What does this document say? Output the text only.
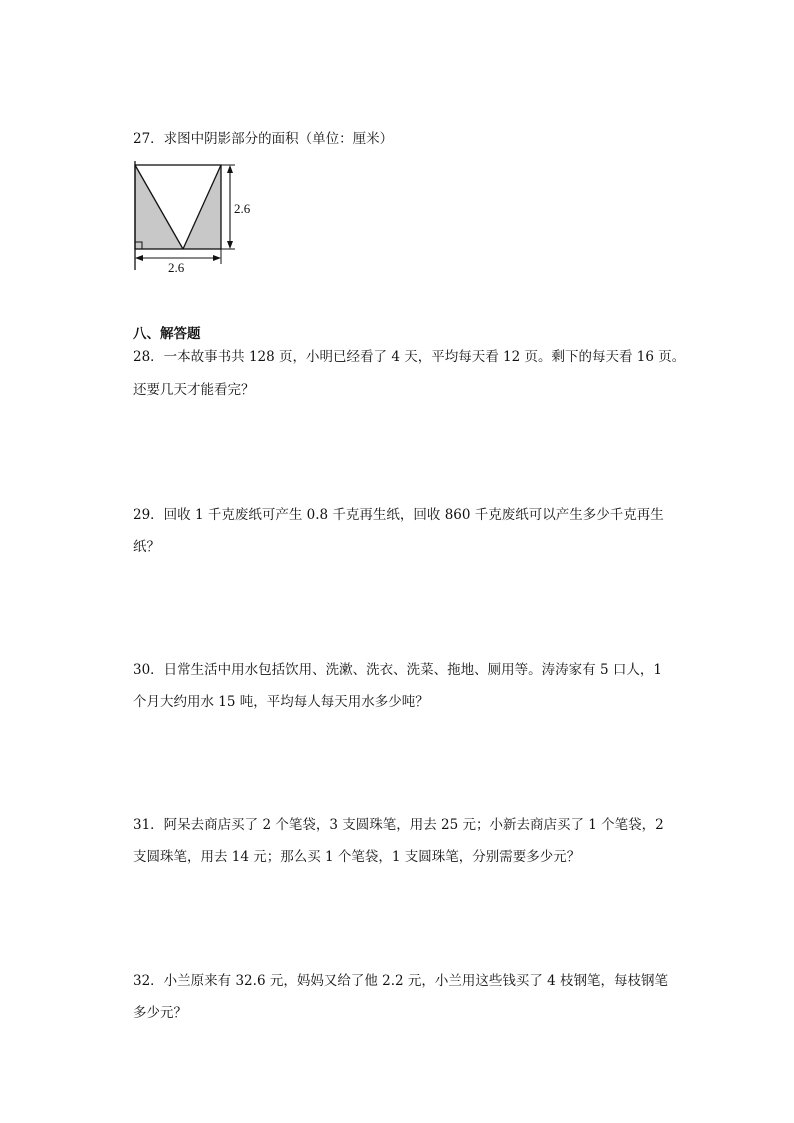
27．求图中阴影部分的面积（单位：厘米）

2.6
2.6

八、解答题

28．一本故事书共 128 页，小明已经看了 4 天，平均每天看 12 页。剩下的每天看 16 页。

还要几天才能看完？

29．回收 1 千克废纸可产生 0.8 千克再生纸，回收 860 千克废纸可以产生多少千克再生

纸？

30．日常生活中用水包括饮用、洗漱、洗衣、洗菜、拖地、厕用等。涛涛家有 5 口人，1

个月大约用水 15 吨，平均每人每天用水多少吨？

31．阿呆去商店买了 2 个笔袋，3 支圆珠笔，用去 25 元；小新去商店买了 1 个笔袋，2

支圆珠笔，用去 14 元；那么买 1 个笔袋，1 支圆珠笔，分别需要多少元？

32．小兰原来有 32.6 元，妈妈又给了他 2.2 元，小兰用这些钱买了 4 枝钢笔，每枝钢笔

多少元？
